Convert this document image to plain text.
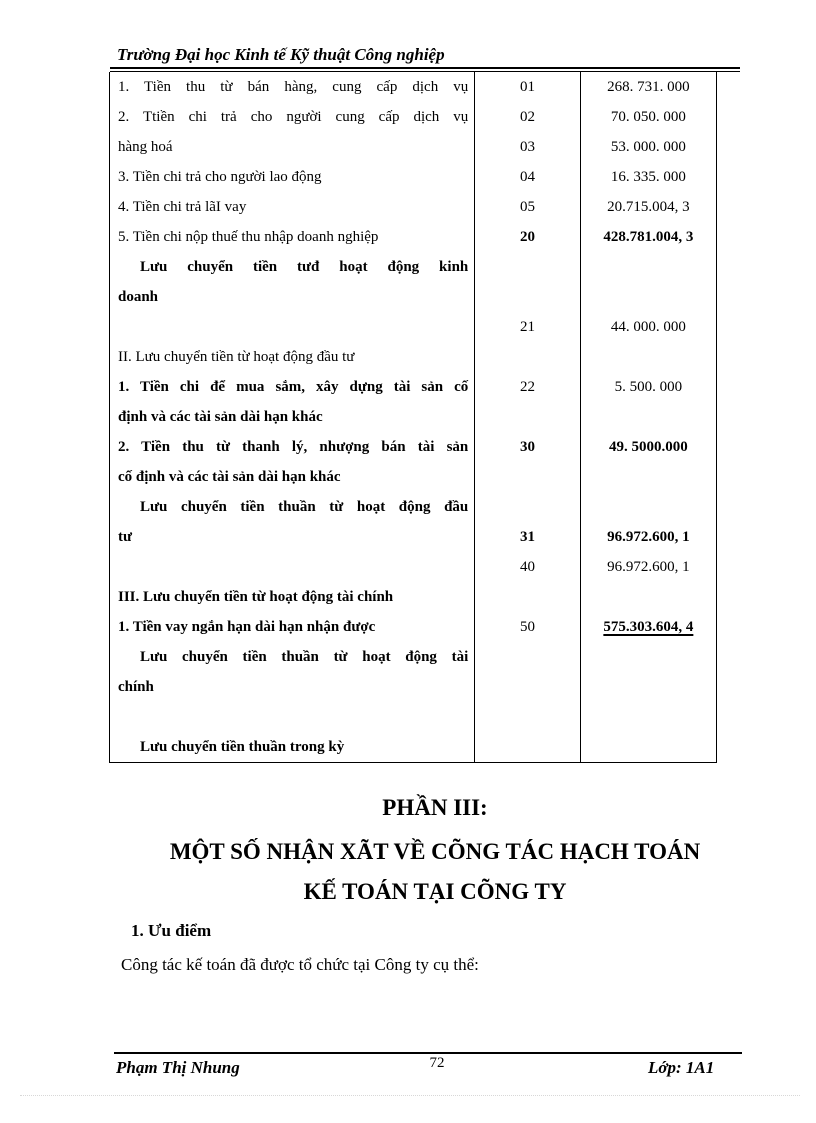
Trường Đại học Kinh tế Kỹ thuật Công nghiệp
1. Tiền thu từ bán hàng, cung cấp dịch vụ	01	268. 731. 000
2. Ttiền chi trả cho người cung cấp dịch vụ	02	70. 050. 000
hàng hoá	03	53. 000. 000
3. Tiền chi trả cho người lao động	04	16. 335. 000
4. Tiền chi trả lãI vay	05	20.715.004, 3
5. Tiền chi nộp thuế thu nhập doanh nghiệp	20	428.781.004, 3
Lưu chuyển tiền tưđ hoạt động kinh		
doanh		
	21	44. 000. 000
II. Lưu chuyển tiền từ hoạt động đầu tư		
1. Tiền chi để mua sắm, xây dựng tài sản cố	22	5. 500. 000
định và các tài sản dài hạn khác		
2. Tiền thu từ thanh lý, nhượng bán tài sản	30	49. 5000.000
cố định và các tài sản dài hạn khác		
Lưu chuyển tiền thuần từ hoạt động đầu		
tư	31	96.972.600, 1
	40	96.972.600, 1
III. Lưu chuyển tiền từ hoạt động tài chính		
1. Tiền vay ngắn hạn dài hạn nhận được	50	575.303.604, 4
Lưu chuyển tiền thuần từ hoạt động tài		
chính		

Lưu chuyển tiền thuần trong kỳ		
PHẦN III:
MỘT SỐ NHẬN XÃT VỀ CÕNG TÁC HẠCH TOÁN
KẾ TOÁN TẠI CÕNG TY
1. Ưu điểm
Công tác kế toán đã được tổ chức tại Công ty cụ thể:
Phạm Thị Nhung	72	Lớp: 1A1
